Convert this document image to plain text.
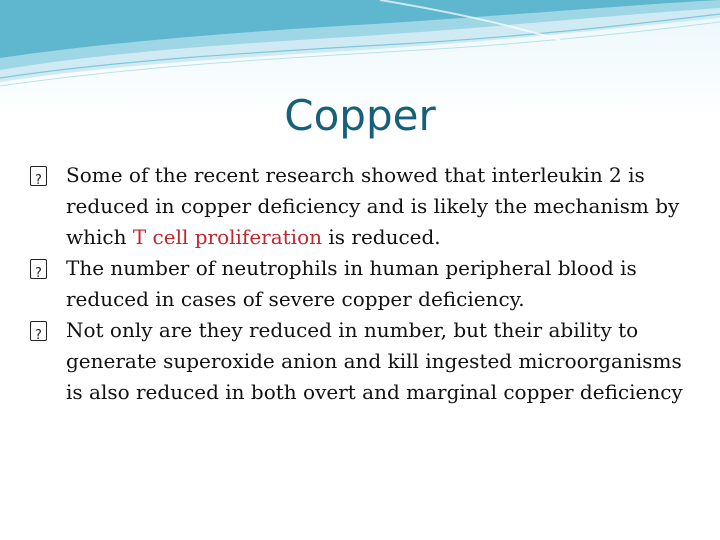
Copper

?
Some of the recent research showed that interleukin 2 is reduced in copper deficiency and is likely the mechanism by which T cell proliferation is reduced.

?
The number of neutrophils in human peripheral blood is reduced in cases of severe copper deficiency.

?
Not only are they reduced in number, but their ability to generate superoxide anion and kill ingested microorganisms is also reduced in both overt and marginal copper deficiency
